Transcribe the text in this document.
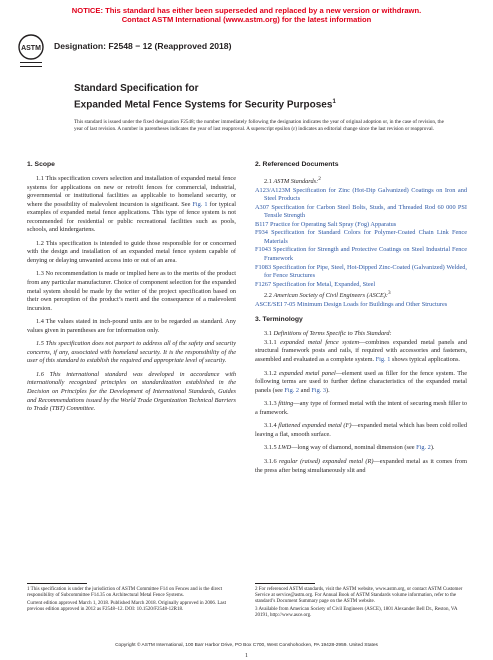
NOTICE: This standard has either been superseded and replaced by a new version or withdrawn.
Contact ASTM International (www.astm.org) for the latest information
ASTM Designation: F2548 − 12 (Reapproved 2018)
Standard Specification for
Expanded Metal Fence Systems for Security Purposes$^1$
This standard is issued under the fixed designation F2548; the number immediately following the designation indicates the year of original adoption or, in the case of revision, the year of last revision. A number in parentheses indicates the year of last reapproval. A superscript epsilon (ε) indicates an editorial change since the last revision or reapproval.
1. Scope

1.1 This specification covers selection and installation of expanded metal fence systems for applications on new or retrofit fences for commercial, industrial, governmental or institutional facilities as applicable to homeland security, or where the possibility of malevolent incursion is significant. See Fig. 1 for typical examples of expanded metal fence applications. This type of fence system is not recommended for residential or public recreational facilities such as pools, schools, and kindergartens.

1.2 This specification is intended to guide those responsible for or concerned with the design and installation of an expanded metal fence system capable of denying or delaying unwanted access into or out of an area.

1.3 No recommendation is made or implied here as to the merits of the product from any particular manufacturer. Choice of component selection for the expanded metal system should be made by the writer of the project specification based on their own perception of the product’s merit and the consequence of a malevolent incursion.

1.4 The values stated in inch-pound units are to be regarded as standard. Any values given in parentheses are for information only.

1.5 This specification does not purport to address all of the safety and security concerns, if any, associated with homeland security. It is the responsibility of the user of this standard to establish the required and appropriate level of security.

1.6 This international standard was developed in accordance with internationally recognized principles on standardization established in the Decision on Principles for the Development of International Standards, Guides and Recommendations issued by the World Trade Organization Technical Barriers to Trade (TBT) Committee.

2. Referenced Documents

2.1 ASTM Standards:$^2$

A123/A123M Specification for Zinc (Hot-Dip Galvanized) Coatings on Iron and Steel Products

A307 Specification for Carbon Steel Bolts, Studs, and Threaded Rod 60 000 PSI Tensile Strength

B117 Practice for Operating Salt Spray (Fog) Apparatus

F934 Specification for Standard Colors for Polymer-Coated Chain Link Fence Materials

F1043 Specification for Strength and Protective Coatings on Steel Industrial Fence Framework

F1083 Specification for Pipe, Steel, Hot-Dipped Zinc-Coated (Galvanized) Welded, for Fence Structures

F1267 Specification for Metal, Expanded, Steel

2.2 American Society of Civil Engineers (ASCE):$^3$

ASCE/SEI 7-05 Minimum Design Loads for Buildings and Other Structures

3. Terminology

3.1 Definitions of Terms Specific to This Standard:

3.1.1 expanded metal fence system—combines expanded metal panels and structural framework posts and rails, if required with accessories and fasteners, assembled and evaluated as a complete system. Fig. 1 shows typical applications.

3.1.2 expanded metal panel—element used as filler for the fence system. The following terms are used to further define characteristics of the expanded metal panels (see Fig. 2 and Fig. 3).

3.1.3 fitting—any type of formed metal with the intent of securing mesh filler to a framework.

3.1.4 flattened expanded metal (F)—expanded metal which has been cold rolled leaving a flat, smooth surface.

3.1.5 LWD—long way of diamond, nominal dimension (see Fig. 2).

3.1.6 regular (raised) expanded metal (R)—expanded metal as it comes from the press after being simultaneously slit and

1 This specification is under the jurisdiction of ASTM Committee F14 on Fences and is the direct responsibility of Subcommittee F14.35 on Architectural Metal Fence Systems.

Current edition approved March 1, 2018. Published March 2018. Originally approved in 2006. Last previous edition approved in 2012 as F2548–12. DOI: 10.1520/F2548-12R18.

2 For referenced ASTM standards, visit the ASTM website, www.astm.org, or contact ASTM Customer Service at service@astm.org. For Annual Book of ASTM Standards volume information, refer to the standard’s Document Summary page on the ASTM website.

3 Available from American Society of Civil Engineers (ASCE), 1801 Alexander Bell Dr., Reston, VA 20191, http://www.asce.org.

Copyright © ASTM International, 100 Barr Harbor Drive, PO Box C700, West Conshohocken, PA 19428-2959. United States
1
